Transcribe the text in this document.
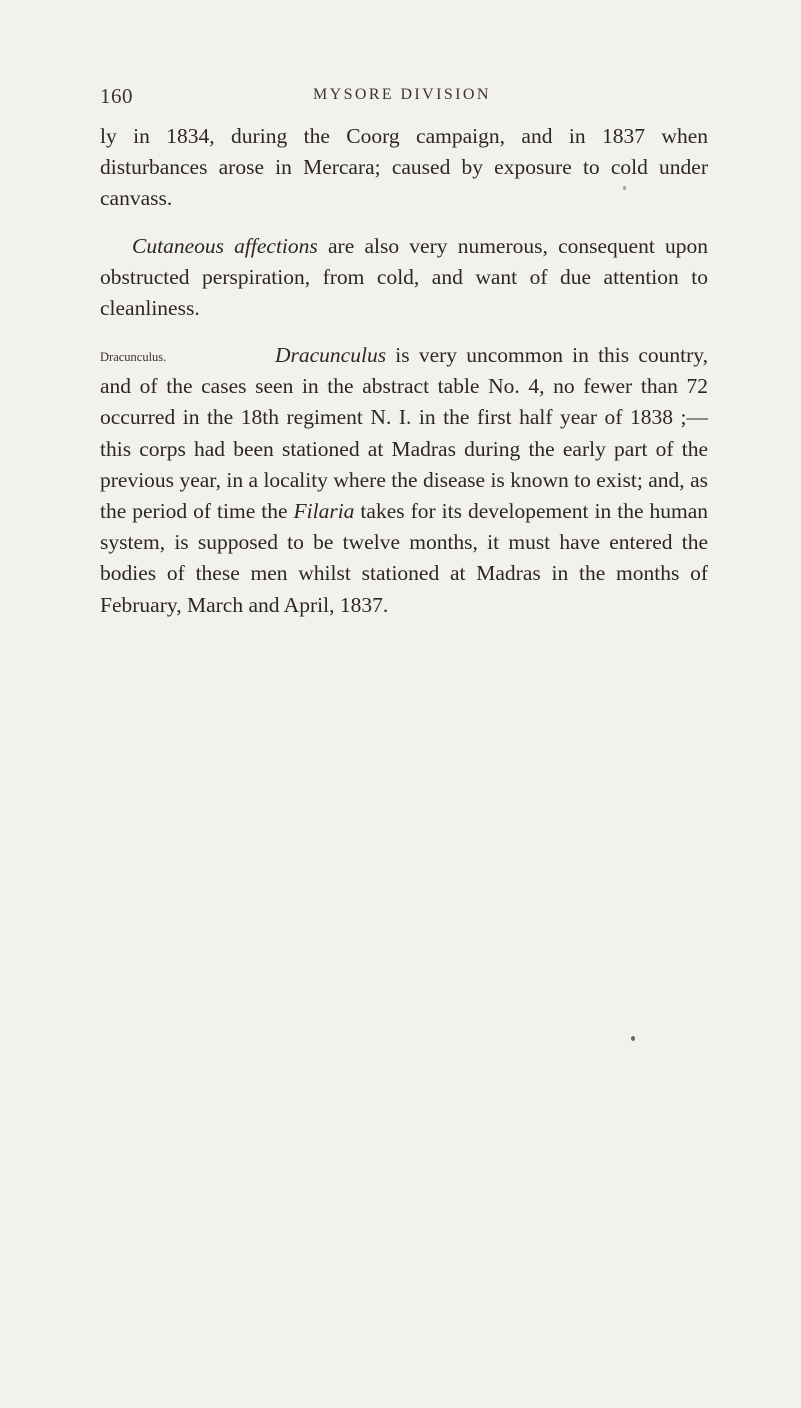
160	MYSORE DIVISION

ly in 1834, during the Coorg campaign, and in 1837 when disturbances arose in Mercara; caused by exposure to cold under canvass.

Cutaneous affections are also very numerous, consequent upon obstructed perspiration, from cold, and want of due attention to cleanliness.

Dracunculus.	Dracunculus is very uncommon in this country, and of the cases seen in the abstract table No. 4, no fewer than 72 occurred in the 18th regiment N. I. in the first half year of 1838 ;—this corps had been stationed at Madras during the early part of the previous year, in a locality where the disease is known to exist; and, as the period of time the Filaria takes for its developement in the human system, is supposed to be twelve months, it must have entered the bodies of these men whilst stationed at Madras in the months of February, March and April, 1837.
